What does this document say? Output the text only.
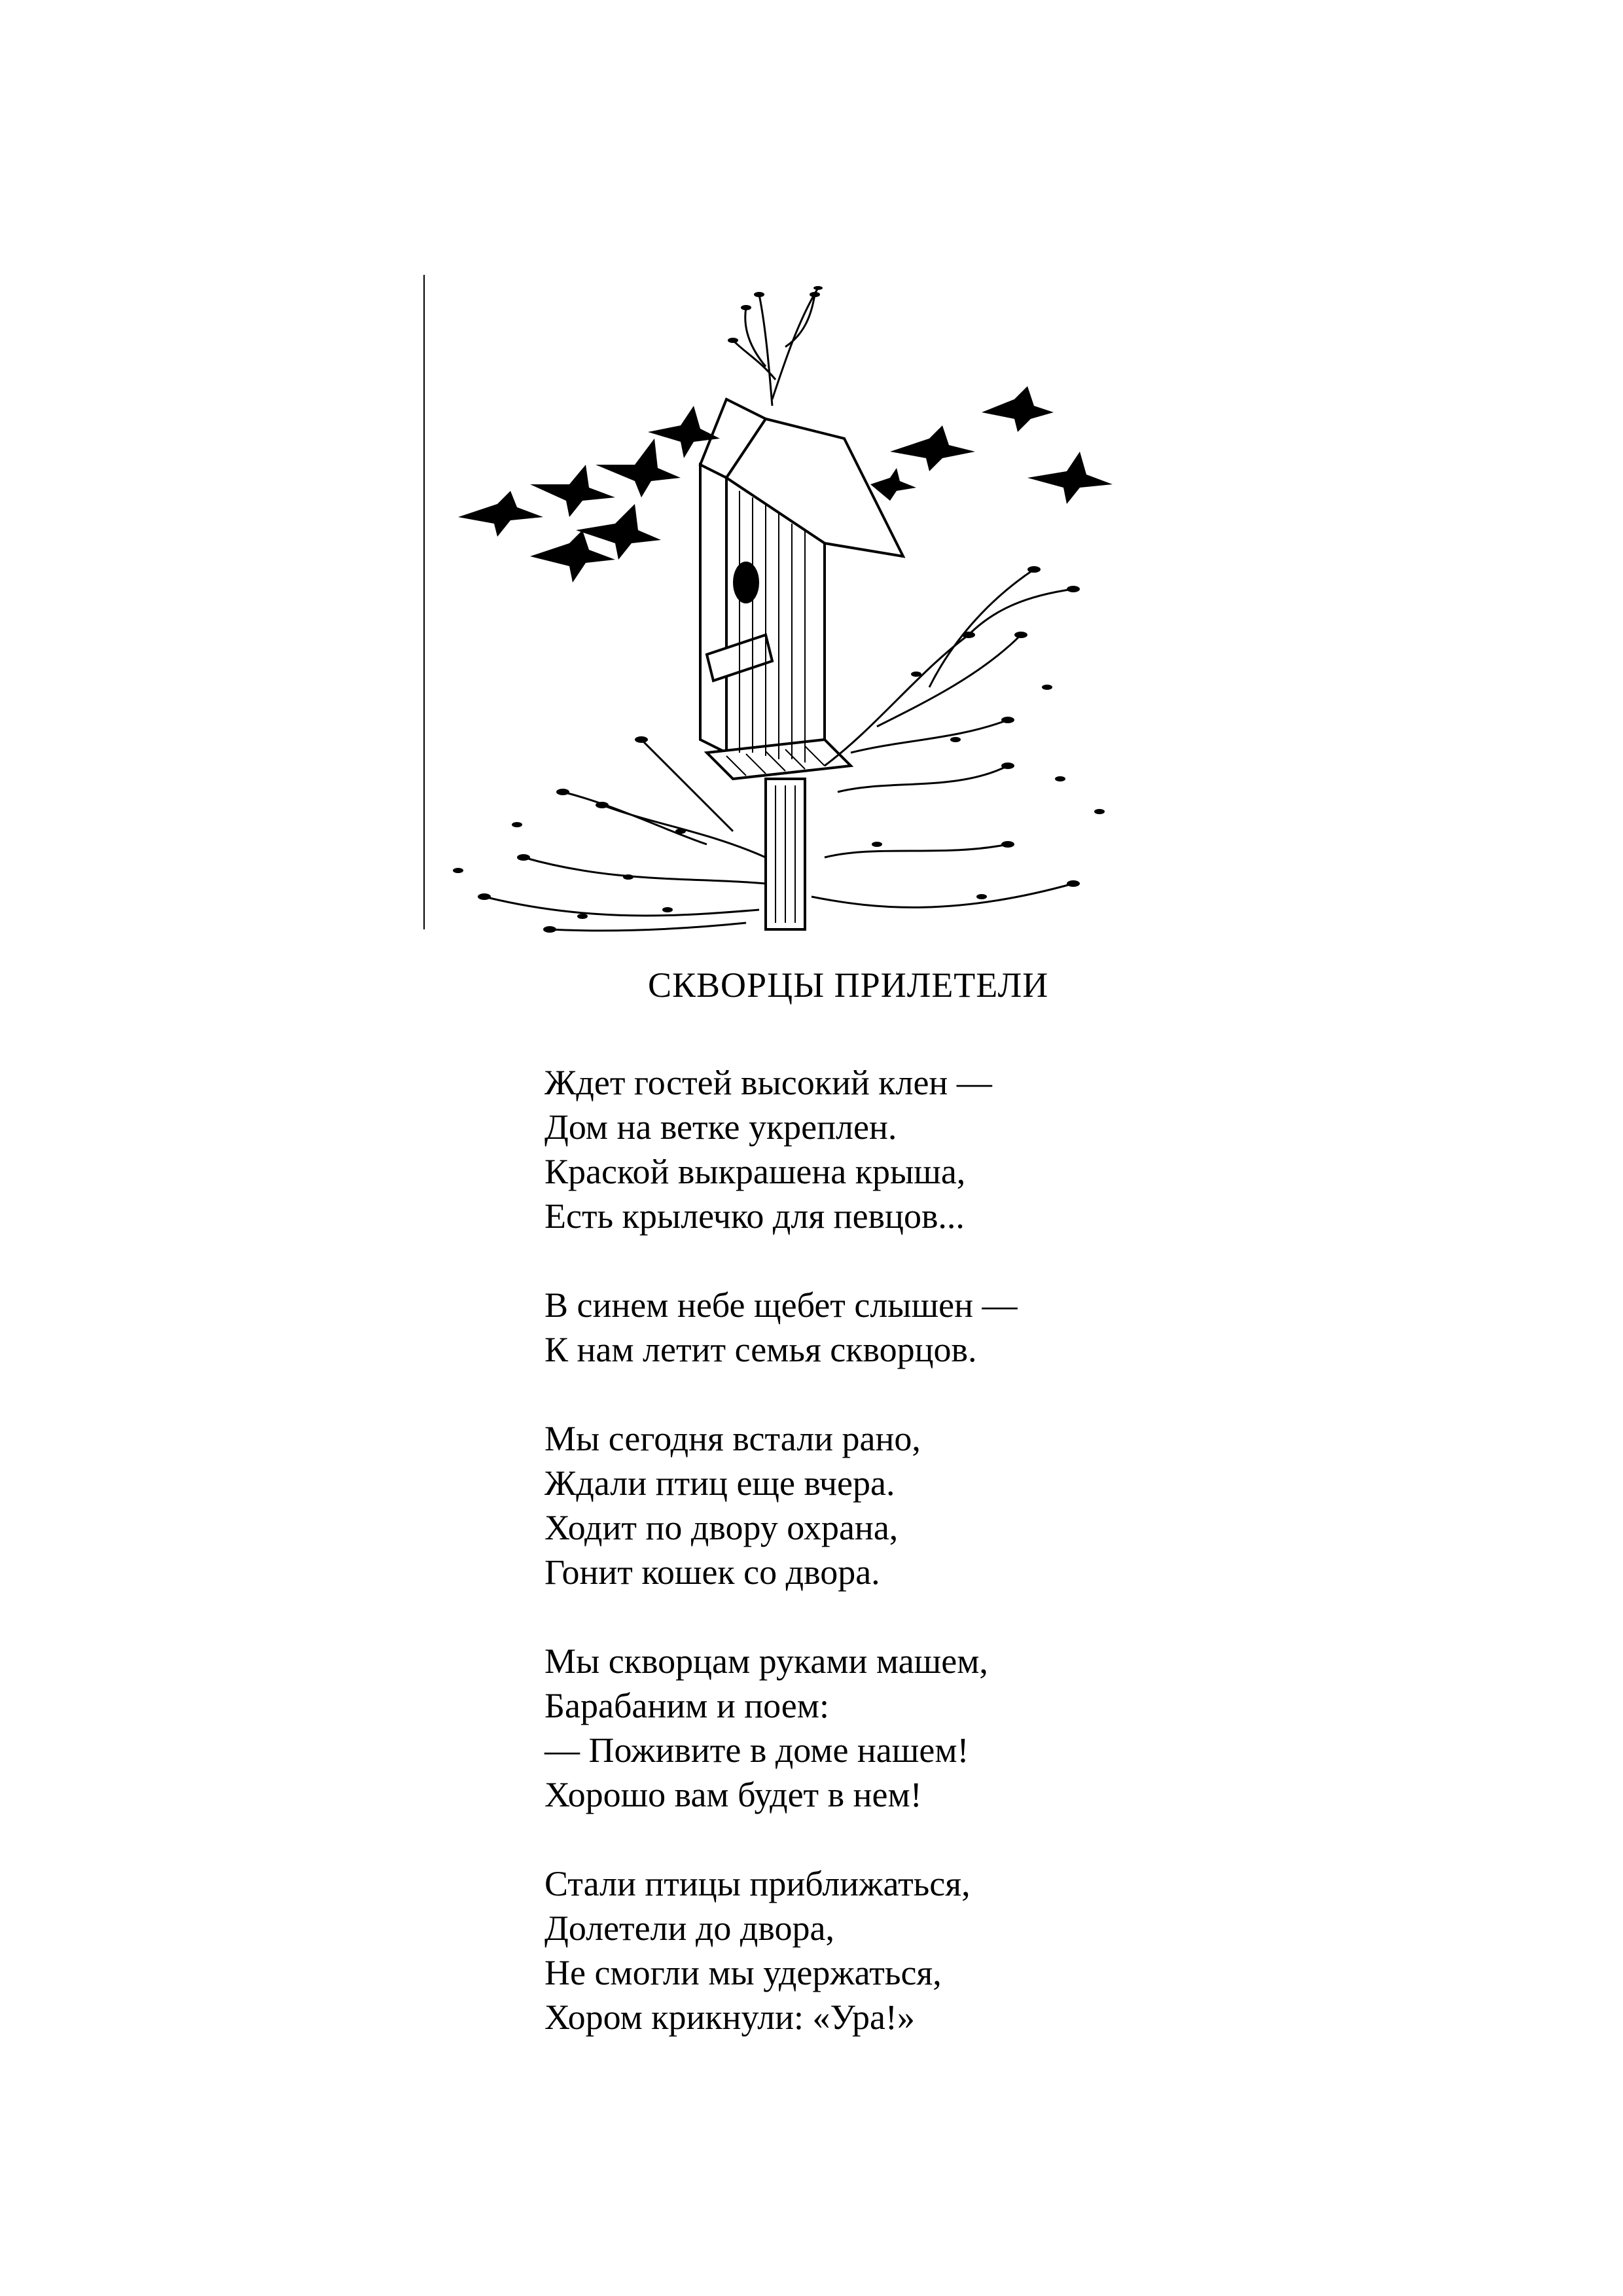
СКВОРЦЫ ПРИЛЕТЕЛИ
Ждет гостей высокий клен —
Дом на ветке укреплен.
Краской выкрашена крыша,
Есть крылечко для певцов...
В синем небе щебет слышен —
К нам летит семья скворцов.
Мы сегодня встали рано,
Ждали птиц еще вчера.
Ходит по двору охрана,
Гонит кошек со двора.
Мы скворцам руками машем,
Барабаним и поем:
— Поживите в доме нашем!
Хорошо вам будет в нем!
Стали птицы приближаться,
Долетели до двора,
Не смогли мы удержаться,
Хором крикнули: «Ура!»
